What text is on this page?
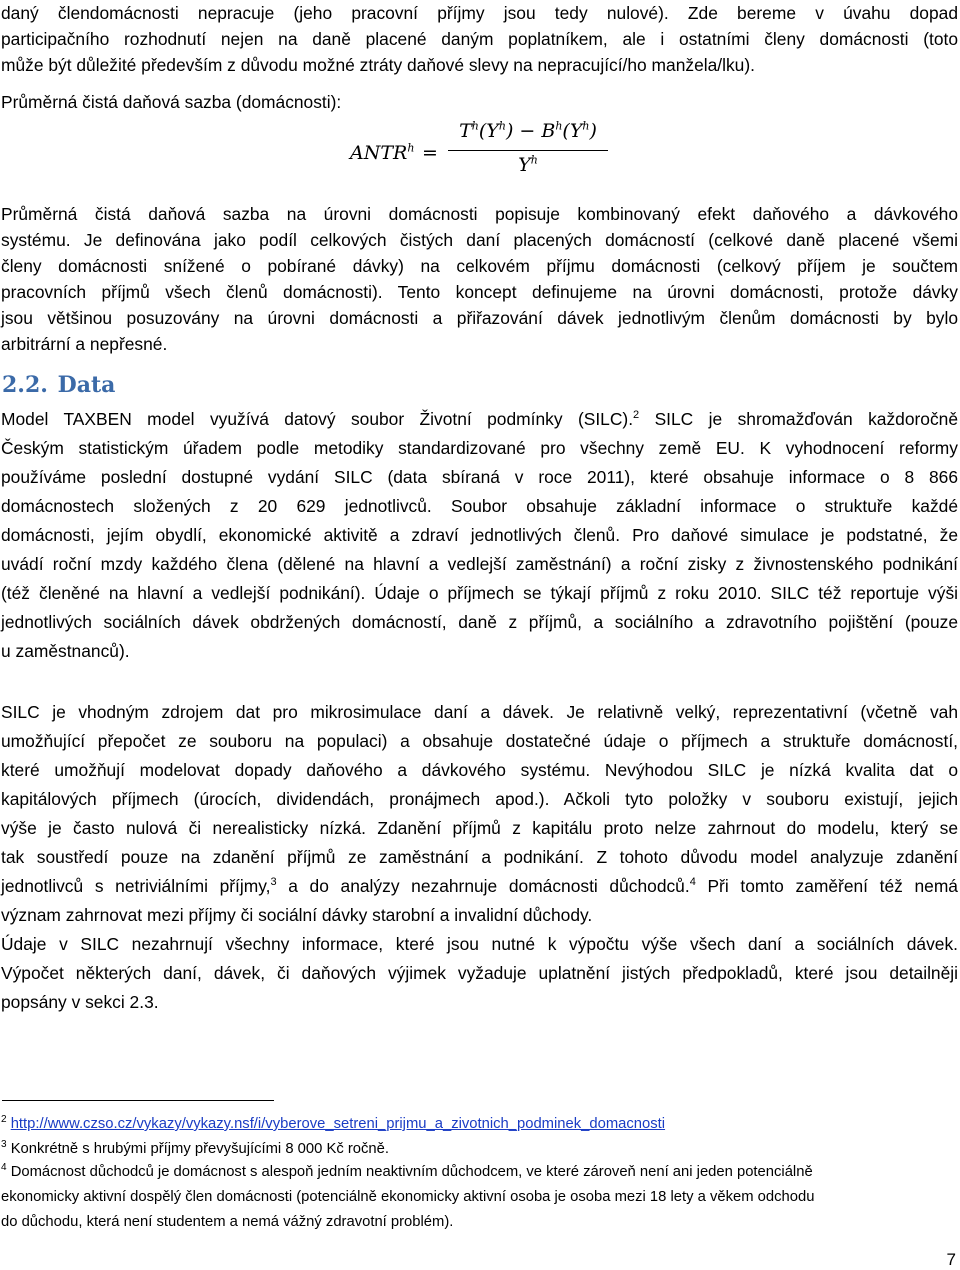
daný člendomácnosti nepracuje (jeho pracovní příjmy jsou tedy nulové). Zde bereme v úvahu dopad
participačního rozhodnutí nejen na daně placené daným poplatníkem, ale i ostatními členy domácnosti (toto
může být důležité především z důvodu možné ztráty daňové slevy na nepracující/ho manžela/lku).

Průměrná čistá daňová sazba (domácnosti):

$ANTR^h$ =
$T^h(Y^h) - B^h(Y^h)$
$Y^h$

Průměrná čistá daňová sazba na úrovni domácnosti popisuje kombinovaný efekt daňového a dávkového
systému. Je definována jako podíl celkových čistých daní placených domácností (celkové daně placené všemi
členy domácnosti snížené o pobírané dávky) na celkovém příjmu domácnosti (celkový příjem je součtem
pracovních příjmů všech členů domácnosti). Tento koncept definujeme na úrovni domácnosti, protože dávky
jsou většinou posuzovány na úrovni domácnosti a přiřazování dávek jednotlivým členům domácnosti by bylo
arbitrární a nepřesné.

2.2. Data

Model TAXBEN model využívá datový soubor Životní podmínky (SILC).$^2$ SILC je shromažďován každoročně
Českým statistickým úřadem podle metodiky standardizované pro všechny země EU. K vyhodnocení reformy
používáme poslední dostupné vydání SILC (data sbíraná v roce 2011), které obsahuje informace o 8 866
domácnostech složených z 20 629 jednotlivců. Soubor obsahuje základní informace o struktuře každé
domácnosti, jejím obydlí, ekonomické aktivitě a zdraví jednotlivých členů. Pro daňové simulace je podstatné, že
uvádí roční mzdy každého člena (dělené na hlavní a vedlejší zaměstnání) a roční zisky z živnostenského podnikání
(též členěné na hlavní a vedlejší podnikání). Údaje o příjmech se týkají příjmů z roku 2010. SILC též reportuje výši
jednotlivých sociálních dávek obdržených domácností, daně z příjmů, a sociálního a zdravotního pojištění (pouze
u zaměstnanců).

SILC je vhodným zdrojem dat pro mikrosimulace daní a dávek. Je relativně velký, reprezentativní (včetně vah
umožňující přepočet ze souboru na populaci) a obsahuje dostatečné údaje o příjmech a struktuře domácností,
které umožňují modelovat dopady daňového a dávkového systému. Nevýhodou SILC je nízká kvalita dat o
kapitálových příjmech (úrocích, dividendách, pronájmech apod.). Ačkoli tyto položky v souboru existují, jejich
výše je často nulová či nerealisticky nízká. Zdanění příjmů z kapitálu proto nelze zahrnout do modelu, který se
tak soustředí pouze na zdanění příjmů ze zaměstnání a podnikání. Z tohoto důvodu model analyzuje zdanění
jednotlivců s netriviálními příjmy,$^3$ a do analýzy nezahrnuje domácnosti důchodců.$^4$ Při tomto zaměření též nemá
význam zahrnovat mezi příjmy či sociální dávky starobní a invalidní důchody.
Údaje v SILC nezahrnují všechny informace, které jsou nutné k výpočtu výše všech daní a sociálních dávek.
Výpočet některých daní, dávek, či daňových výjimek vyžaduje uplatnění jistých předpokladů, které jsou detailněji
popsány v sekci 2.3.

$^2$ http://www.czso.cz/vykazy/vykazy.nsf/i/vyberove_setreni_prijmu_a_zivotnich_podminek_domacnosti

$^3$ Konkrétně s hrubými příjmy převyšujícími 8 000 Kč ročně.

$^4$ Domácnost důchodců je domácnost s alespoň jedním neaktivním důchodcem, ve které zároveň není ani jeden potenciálně
ekonomicky aktivní dospělý člen domácnosti (potenciálně ekonomicky aktivní osoba je osoba mezi 18 lety a věkem odchodu
do důchodu, která není studentem a nemá vážný zdravotní problém).

7
